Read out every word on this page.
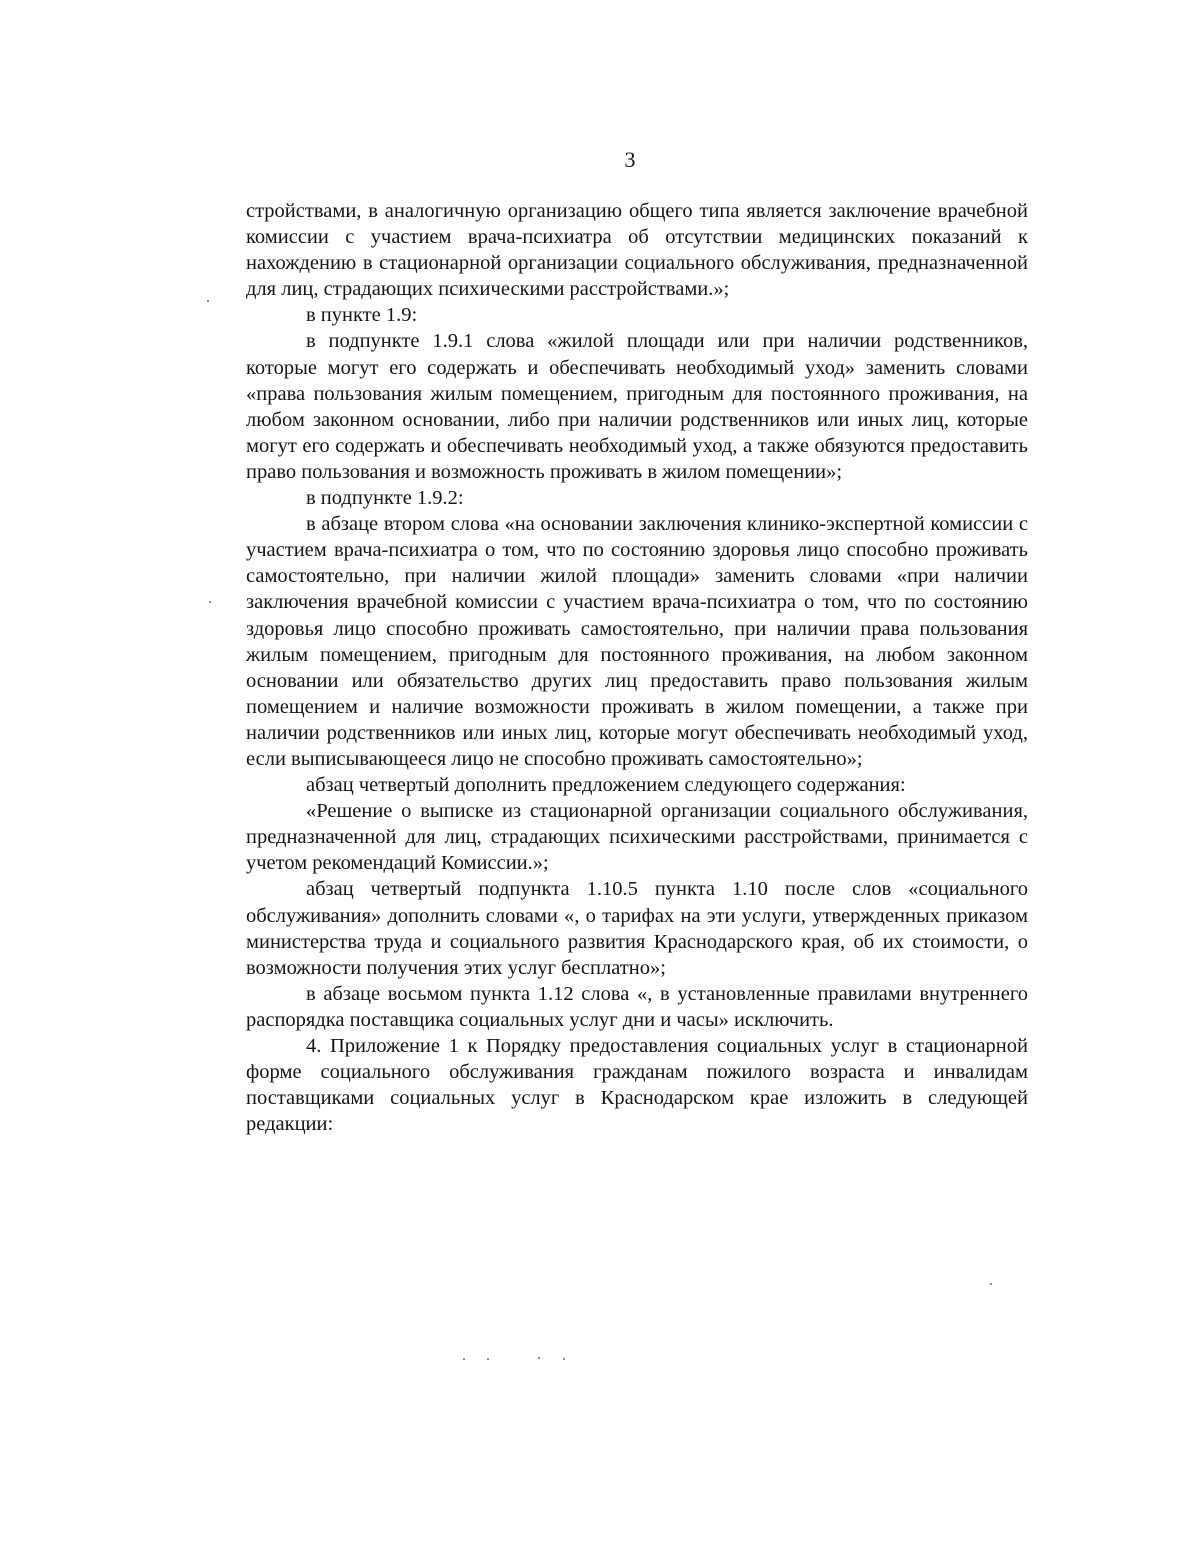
3

стройствами, в аналогичную организацию общего типа является заключение врачебной комиссии с участием врача-психиатра об отсутствии медицинских показаний к нахождению в стационарной организации социального обслуживания, предназначенной для лиц, страдающих психическими расстройствами.»;

в пункте 1.9:

в подпункте 1.9.1 слова «жилой площади или при наличии родственников, которые могут его содержать и обеспечивать необходимый уход» заменить словами «права пользования жилым помещением, пригодным для постоянного проживания, на любом законном основании, либо при наличии родственников или иных лиц, которые могут его содержать и обеспечивать необходимый уход, а также обязуются предоставить право пользования и возможность проживать в жилом помещении»;

в подпункте 1.9.2:

в абзаце втором слова «на основании заключения клинико-экспертной комиссии с участием врача-психиатра о том, что по состоянию здоровья лицо способно проживать самостоятельно, при наличии жилой площади» заменить словами «при наличии заключения врачебной комиссии с участием врача-психиатра о том, что по состоянию здоровья лицо способно проживать самостоятельно, при наличии права пользования жилым помещением, пригодным для постоянного проживания, на любом законном основании или обязательство других лиц предоставить право пользования жилым помещением и наличие возможности проживать в жилом помещении, а также при наличии родственников или иных лиц, которые могут обеспечивать необходимый уход, если выписывающееся лицо не способно проживать самостоятельно»;

абзац четвертый дополнить предложением следующего содержания:

«Решение о выписке из стационарной организации социального обслуживания, предназначенной для лиц, страдающих психическими расстройствами, принимается с учетом рекомендаций Комиссии.»;

абзац четвертый подпункта 1.10.5 пункта 1.10 после слов «социального обслуживания» дополнить словами «, о тарифах на эти услуги, утвержденных приказом министерства труда и социального развития Краснодарского края, об их стоимости, о возможности получения этих услуг бесплатно»;

в абзаце восьмом пункта 1.12 слова «, в установленные правилами внутреннего распорядка поставщика социальных услуг дни и часы» исключить.

4. Приложение 1 к Порядку предоставления социальных услуг в стационарной форме социального обслуживания гражданам пожилого возраста и инвалидам поставщиками социальных услуг в Краснодарском крае изложить в следующей редакции:
